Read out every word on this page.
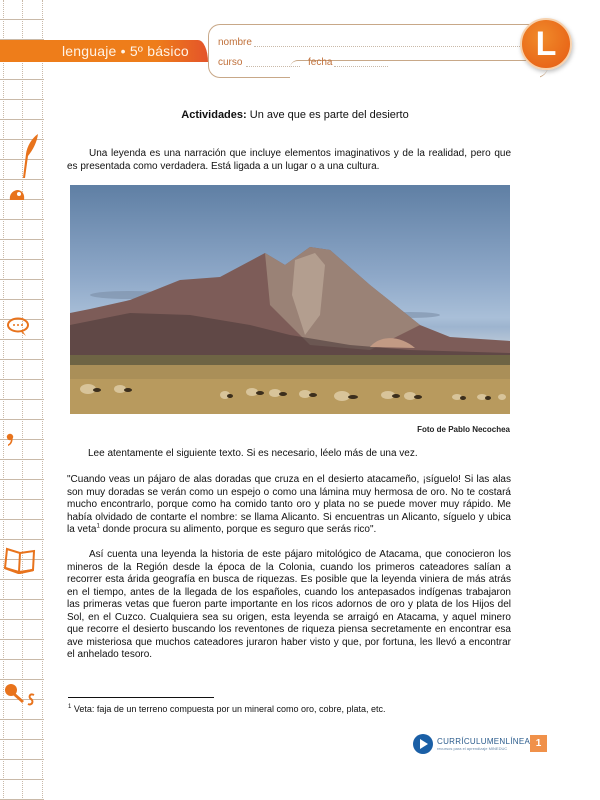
lenguaje • 5º básico
nombre
curso	fecha	L
Actividades: Un ave que es parte del desierto

Una leyenda es una narración que incluye elementos imaginativos y de la realidad, pero que es presentada como verdadera. Está ligada a un lugar o a una cultura.

Foto de Pablo Necochea

Lee atentamente el siguiente texto. Si es necesario, léelo más de una vez.

"Cuando veas un pájaro de alas doradas que cruza en el desierto atacameño, ¡síguelo! Si las alas son muy doradas se verán como un espejo o como una lámina muy hermosa de oro. No te costará mucho encontrarlo, porque como ha comido tanto oro y plata no se puede mover muy rápido. Me había olvidado de contarte el nombre: se llama Alicanto. Si encuentras un Alicanto, síguelo y ubica la veta$^1$ donde procura su alimento, porque es seguro que serás rico".

Así cuenta una leyenda la historia de este pájaro mitológico de Atacama, que conocieron los mineros de la Región desde la época de la Colonia, cuando los primeros cateadores salían a recorrer esta árida geografía en busca de riquezas. Es posible que la leyenda viniera de más atrás en el tiempo, antes de la llegada de los españoles, cuando los antepasados indígenas trabajaron las primeras vetas que fueron parte importante en los ricos adornos de oro y plata de los Hijos del Sol, en el Cuzco. Cualquiera sea su origen, esta leyenda se arraigó en Atacama, y aquel minero que recorre el desierto buscando los reventones de riqueza piensa secretamente en encontrar esa ave misteriosa que muchos cateadores juraron haber visto y que, por fortuna, les llevó a encontrar el anhelado tesoro.

$^1$ Veta: faja de un terreno compuesta por un mineral como oro, cobre, plata, etc.
CURRÍCULUMENLÍNEA
recursos para el aprendizaje MINEDUC	1
